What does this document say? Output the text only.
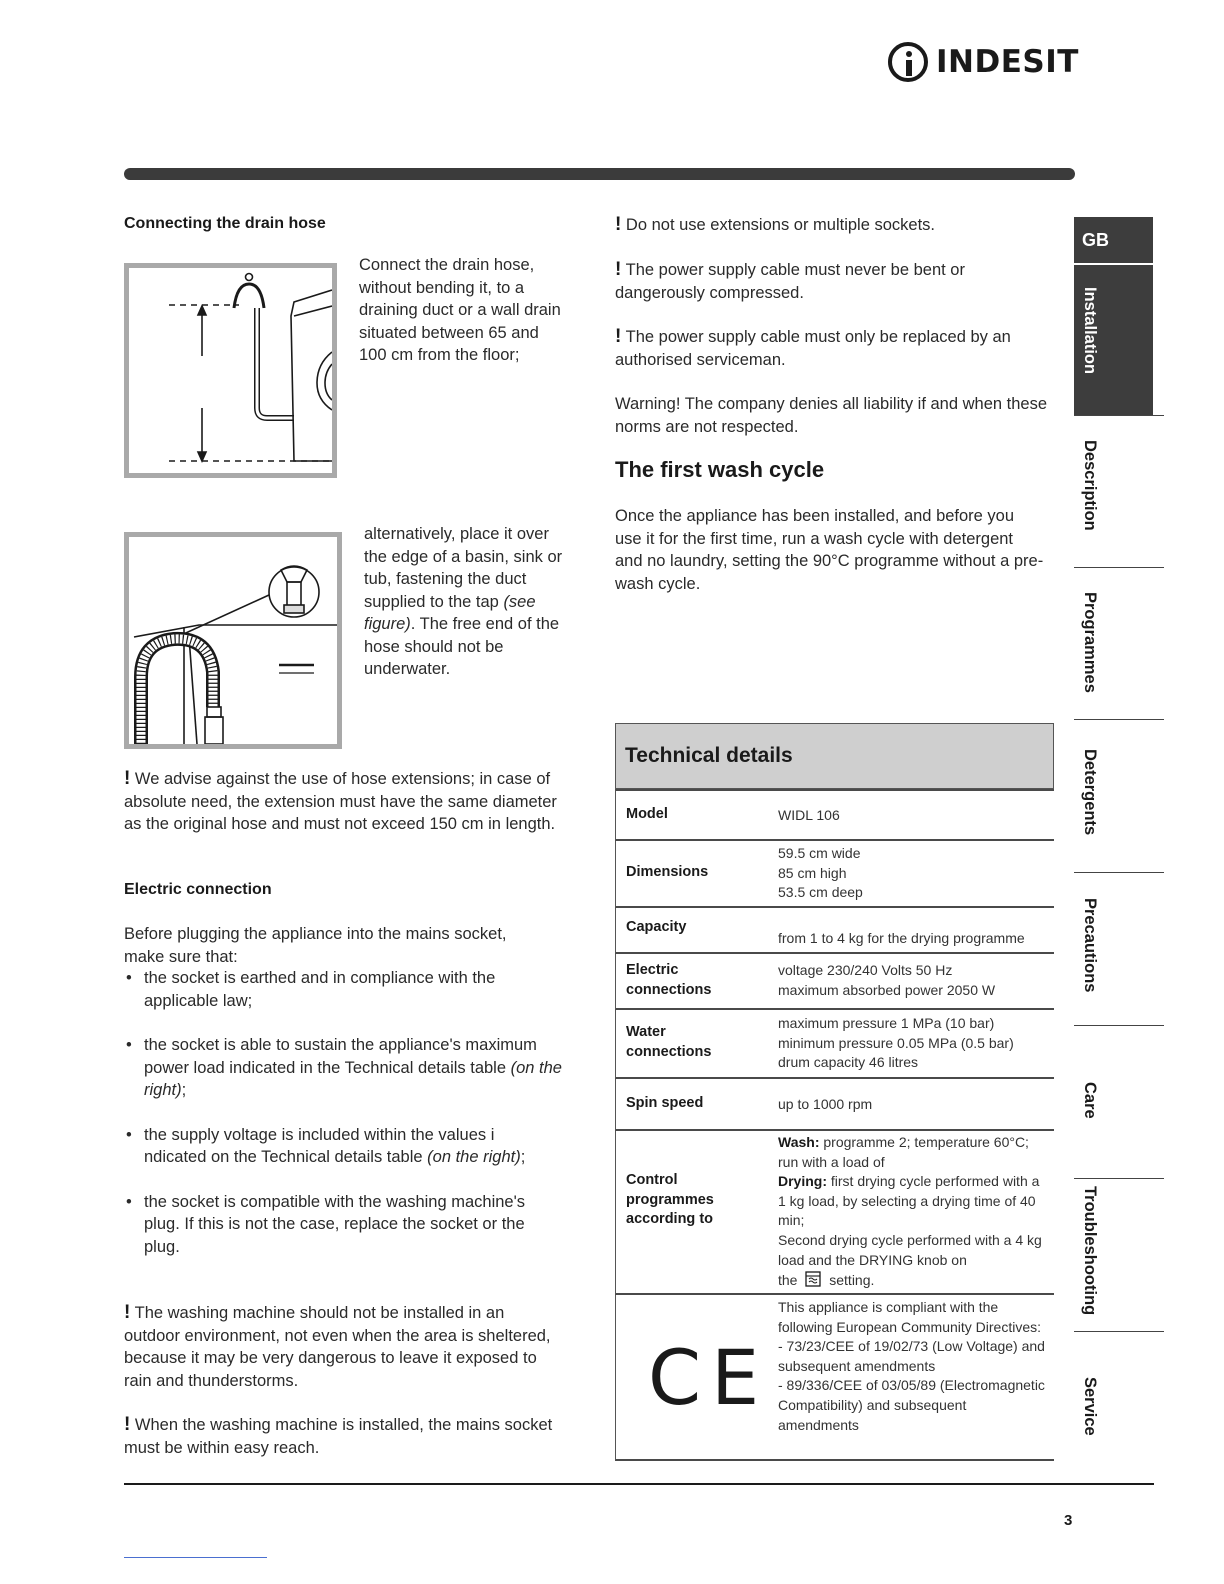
INDESIT
Connecting the drain hose
Connect the drain hose, without bending it, to a draining duct or a wall drain situated between 65 and 100 cm from the floor;
alternatively, place it over the edge of a basin, sink or tub, fastening the duct supplied to the tap (see figure). The free end of the hose should not be underwater.
! We advise against the use of hose extensions; in case of absolute need, the extension must have the same diameter as the original hose and must not exceed 150 cm in length.
Electric connection
Before plugging the appliance into the mains socket, make sure that:
• the socket is earthed and in compliance with the applicable law;
• the socket is able to sustain the appliance's maximum power load indicated in the Technical details table (on the right);
• the supply voltage is included within the values i ndicated on the Technical details table (on the right);
• the socket is compatible with the washing machine's plug. If this is not the case, replace the socket or the plug.
! The washing machine should not be installed in an outdoor environment, not even when the area is sheltered, because it may be very dangerous to leave it exposed to rain and thunderstorms.
! When the washing machine is installed, the mains socket must be within easy reach.
! Do not use extensions or multiple sockets.
! The power supply cable must never be bent or dangerously compressed.
! The power supply cable must only be replaced by an authorised serviceman.
Warning! The company denies all liability if and when these norms are not respected.
The first wash cycle
Once the appliance has been installed, and before you use it for the first time, run a wash cycle with detergent and no laundry, setting the 90°C programme without a pre-wash cycle.
Technical details
Model	WIDL 106
Dimensions
59.5 cm wide
85 cm high
53.5 cm deep
Capacity
from 1 to 4 kg for the drying programme
Electric connections
voltage 230/240 Volts 50 Hz
maximum absorbed power 2050 W
Water connections
maximum pressure 1 MPa (10 bar)
minimum pressure 0.05 MPa (0.5 bar)
drum capacity 46 litres
Spin speed	up to 1000 rpm
Control programmes according to
Wash: programme 2; temperature 60°C; run with a load of
Drying: first drying cycle performed with a 1 kg load, by selecting a drying time of 40 min;
Second drying cycle performed with a 4 kg load and the DRYING knob on
the setting.
CE
This appliance is compliant with the following European Community Directives:
- 73/23/CEE of 19/02/73 (Low Voltage) and subsequent amendments
- 89/336/CEE of 03/05/89 (Electromagnetic Compatibility) and subsequent amendments
GB
Installation
Description
Programmes
Detergents
Precautions
Care
Troubleshooting
Service
3
